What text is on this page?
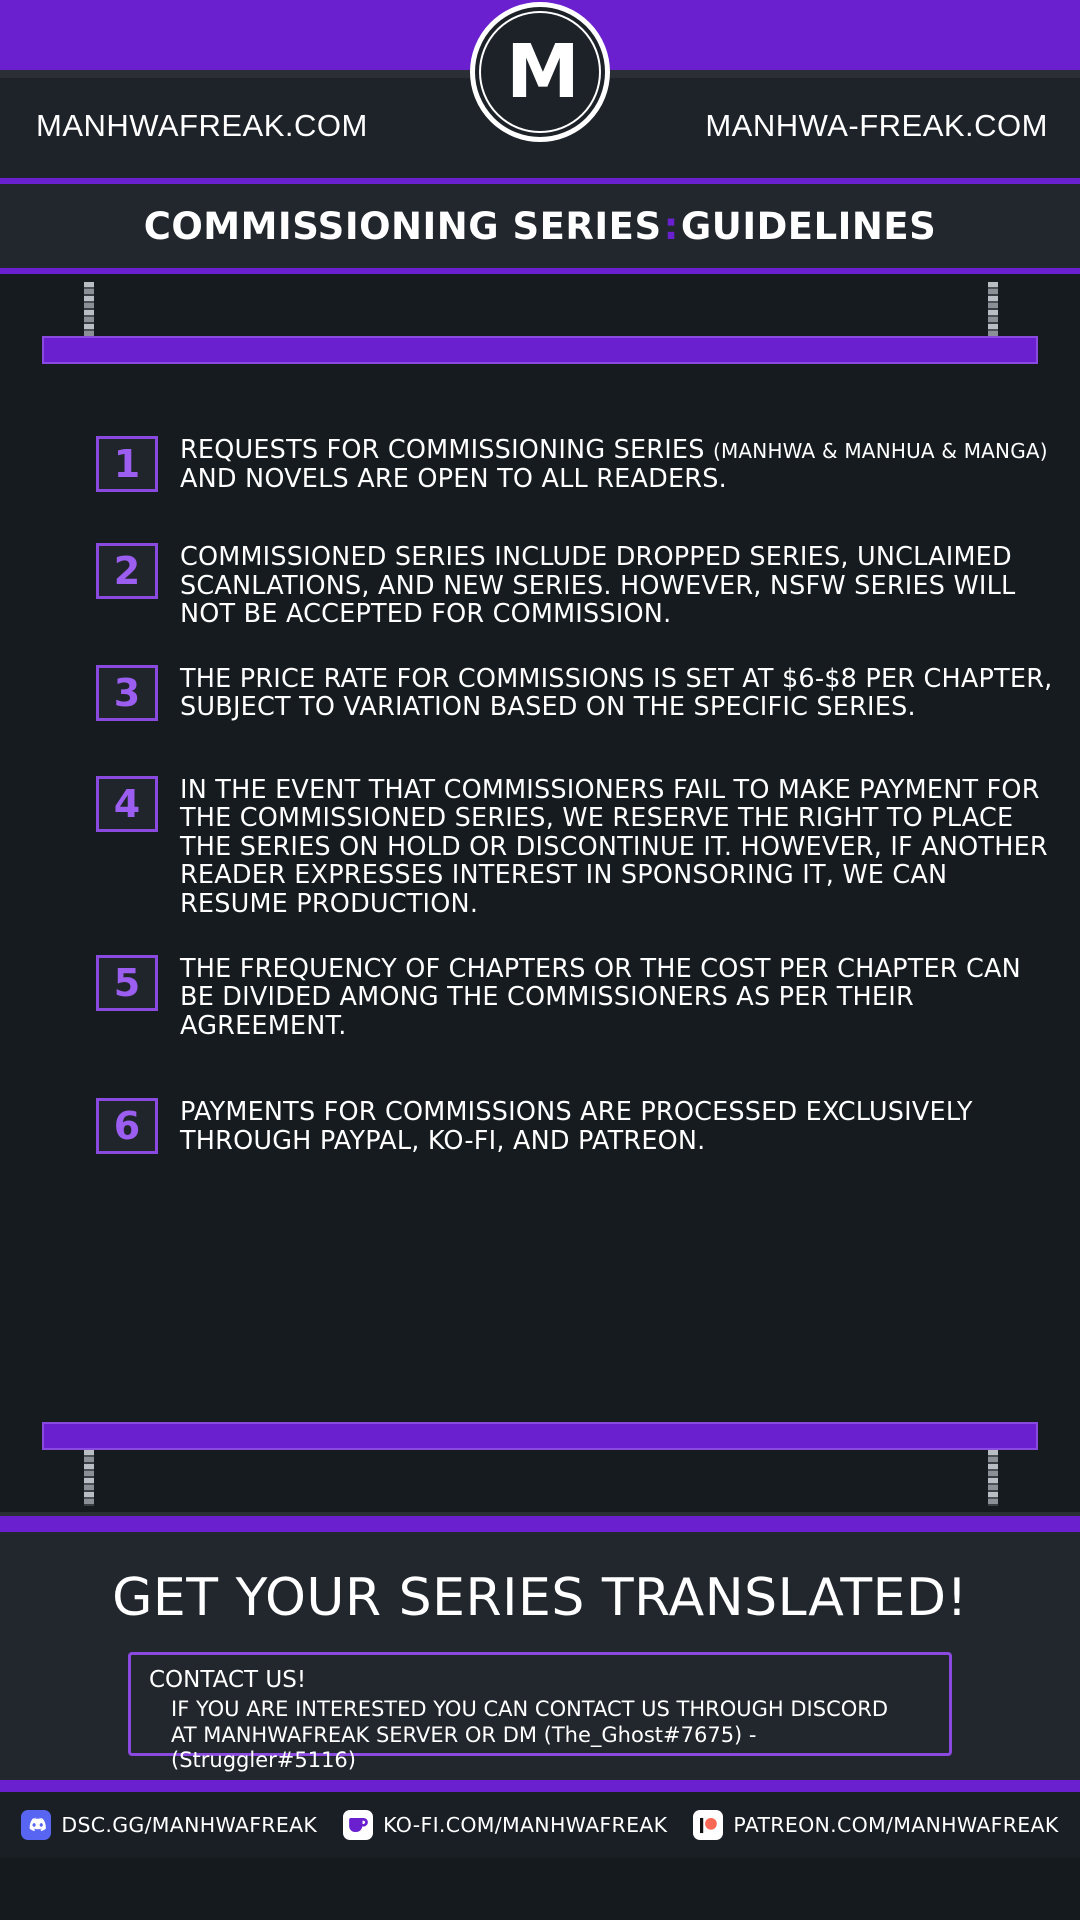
MANHWAFREAK.COM	MANHWA-FREAK.COM
M
COMMISSIONING SERIES:GUIDELINES
1	REQUESTS FOR COMMISSIONING SERIES (MANHWA & MANHUA & MANGA) AND NOVELS ARE OPEN TO ALL READERS.
2	COMMISSIONED SERIES INCLUDE DROPPED SERIES, UNCLAIMED SCANLATIONS, AND NEW SERIES. HOWEVER, NSFW SERIES WILL NOT BE ACCEPTED FOR COMMISSION.
3	THE PRICE RATE FOR COMMISSIONS IS SET AT $6-$8 PER CHAPTER, SUBJECT TO VARIATION BASED ON THE SPECIFIC SERIES.
4	IN THE EVENT THAT COMMISSIONERS FAIL TO MAKE PAYMENT FOR THE COMMISSIONED SERIES, WE RESERVE THE RIGHT TO PLACE THE SERIES ON HOLD OR DISCONTINUE IT. HOWEVER, IF ANOTHER READER EXPRESSES INTEREST IN SPONSORING IT, WE CAN RESUME PRODUCTION.
5	THE FREQUENCY OF CHAPTERS OR THE COST PER CHAPTER CAN BE DIVIDED AMONG THE COMMISSIONERS AS PER THEIR AGREEMENT.
6	PAYMENTS FOR COMMISSIONS ARE PROCESSED EXCLUSIVELY THROUGH PAYPAL, KO-FI, AND PATREON.
GET YOUR SERIES TRANSLATED!
CONTACT US!
IF YOU ARE INTERESTED YOU CAN CONTACT US THROUGH DISCORD
AT MANHWAFREAK SERVER OR DM (The_Ghost#7675) - (Struggler#5116)
DSC.GG/MANHWAFREAK	KO-FI.COM/MANHWAFREAK	PATREON.COM/MANHWAFREAK
